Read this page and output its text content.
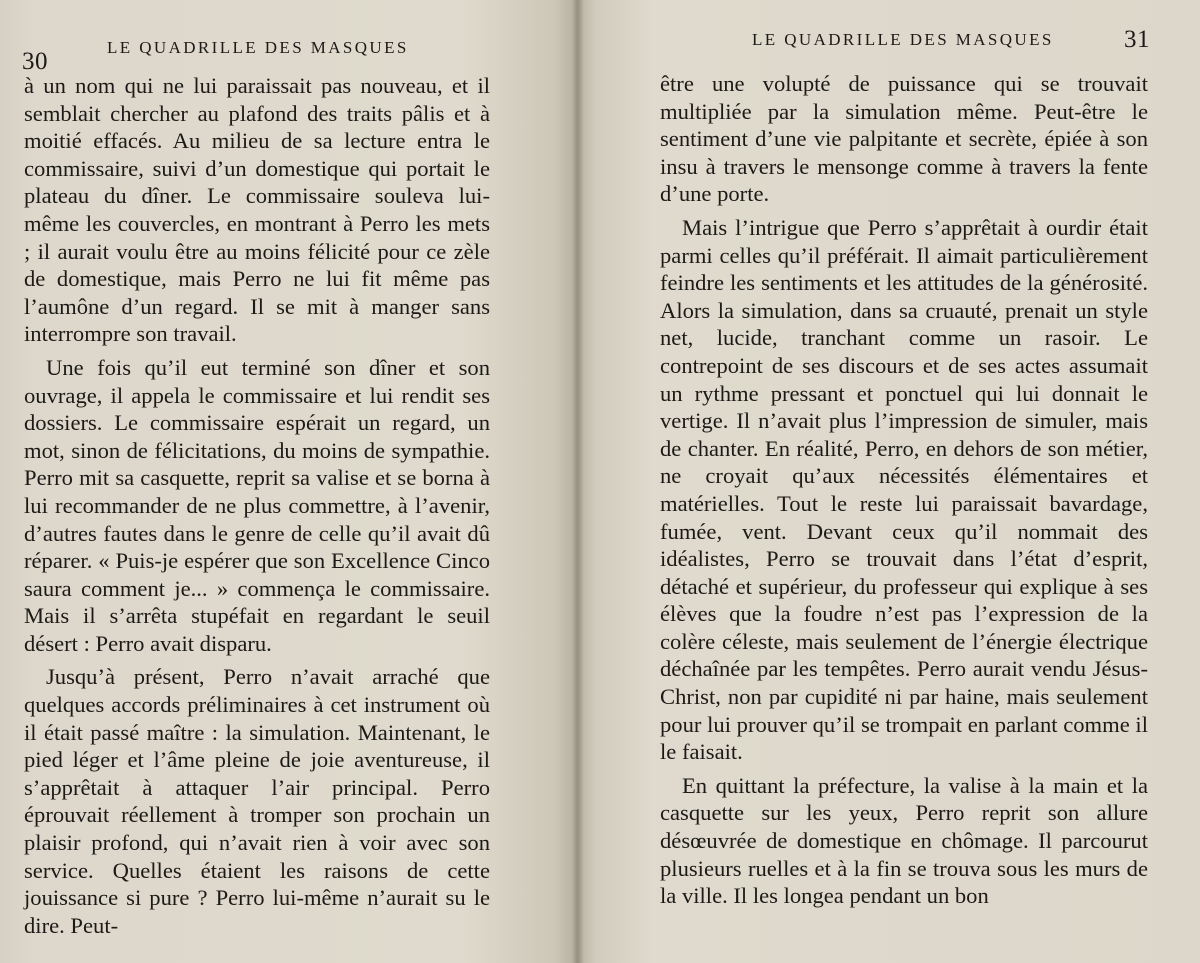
30
LE QUADRILLE DES MASQUES

à un nom qui ne lui paraissait pas nouveau, et il semblait chercher au plafond des traits pâlis et à moitié effacés. Au milieu de sa lecture entra le commissaire, suivi d’un domestique qui portait le plateau du dîner. Le commissaire souleva lui-même les couvercles, en montrant à Perro les mets ; il aurait voulu être au moins félicité pour ce zèle de domestique, mais Perro ne lui fit même pas l’aumône d’un regard. Il se mit à manger sans interrompre son travail.

Une fois qu’il eut terminé son dîner et son ouvrage, il appela le commissaire et lui rendit ses dossiers. Le commissaire espérait un regard, un mot, sinon de félicitations, du moins de sympathie. Perro mit sa casquette, reprit sa valise et se borna à lui recommander de ne plus commettre, à l’avenir, d’autres fautes dans le genre de celle qu’il avait dû réparer. « Puis-je espérer que son Excellence Cinco saura comment je... » commença le commissaire. Mais il s’arrêta stupéfait en regardant le seuil désert : Perro avait disparu.

Jusqu’à présent, Perro n’avait arraché que quelques accords préliminaires à cet instrument où il était passé maître : la simulation. Maintenant, le pied léger et l’âme pleine de joie aventureuse, il s’apprêtait à attaquer l’air principal. Perro éprouvait réellement à tromper son prochain un plaisir profond, qui n’avait rien à voir avec son service. Quelles étaient les raisons de cette jouissance si pure ? Perro lui-même n’aurait su le dire. Peut-

LE QUADRILLE DES MASQUES	31

être une volupté de puissance qui se trouvait multipliée par la simulation même. Peut-être le sentiment d’une vie palpitante et secrète, épiée à son insu à travers le mensonge comme à travers la fente d’une porte.

Mais l’intrigue que Perro s’apprêtait à ourdir était parmi celles qu’il préférait. Il aimait particulièrement feindre les sentiments et les attitudes de la générosité. Alors la simulation, dans sa cruauté, prenait un style net, lucide, tranchant comme un rasoir. Le contrepoint de ses discours et de ses actes assumait un rythme pressant et ponctuel qui lui donnait le vertige. Il n’avait plus l’impression de simuler, mais de chanter. En réalité, Perro, en dehors de son métier, ne croyait qu’aux nécessités élémentaires et matérielles. Tout le reste lui paraissait bavardage, fumée, vent. Devant ceux qu’il nommait des idéalistes, Perro se trouvait dans l’état d’esprit, détaché et supérieur, du professeur qui explique à ses élèves que la foudre n’est pas l’expression de la colère céleste, mais seulement de l’énergie électrique déchaînée par les tempêtes. Perro aurait vendu Jésus-Christ, non par cupidité ni par haine, mais seulement pour lui prouver qu’il se trompait en parlant comme il le faisait.

En quittant la préfecture, la valise à la main et la casquette sur les yeux, Perro reprit son allure désœuvrée de domestique en chômage. Il parcourut plusieurs ruelles et à la fin se trouva sous les murs de la ville. Il les longea pendant un bon
